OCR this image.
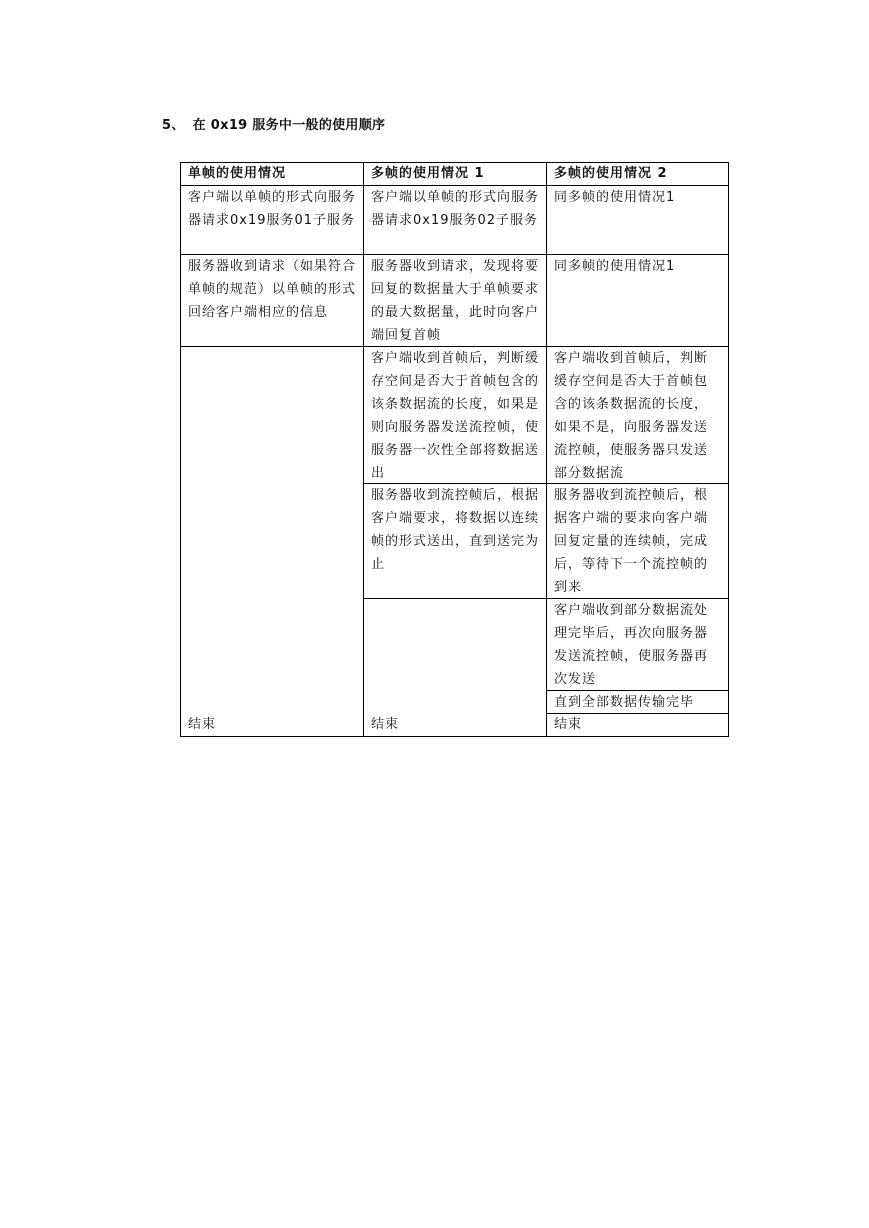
5、 在 0x19 服务中一般的使用顺序
单帧的使用情况	多帧的使用情况 1	多帧的使用情况 2
客户端以单帧的形式向服务器请求0x19服务01子服务
服务器收到请求（如果符合单帧的规范）以单帧的形式回给客户端相应的信息
结束
客户端以单帧的形式向服务器请求0x19服务02子服务
服务器收到请求，发现将要回复的数据量大于单帧要求的最大数据量，此时向客户端回复首帧
客户端收到首帧后，判断缓存空间是否大于首帧包含的该条数据流的长度，如果是则向服务器发送流控帧，使服务器一次性全部将数据送出
服务器收到流控帧后，根据客户端要求，将数据以连续帧的形式送出，直到送完为止
结束
同多帧的使用情况1
同多帧的使用情况1
客户端收到首帧后，判断缓存空间是否大于首帧包含的该条数据流的长度，如果不是，向服务器发送流控帧，使服务器只发送部分数据流
服务器收到流控帧后，根据客户端的要求向客户端回复定量的连续帧，完成后，等待下一个流控帧的到来
客户端收到部分数据流处理完毕后，再次向服务器发送流控帧，使服务器再次发送
直到全部数据传输完毕
结束
